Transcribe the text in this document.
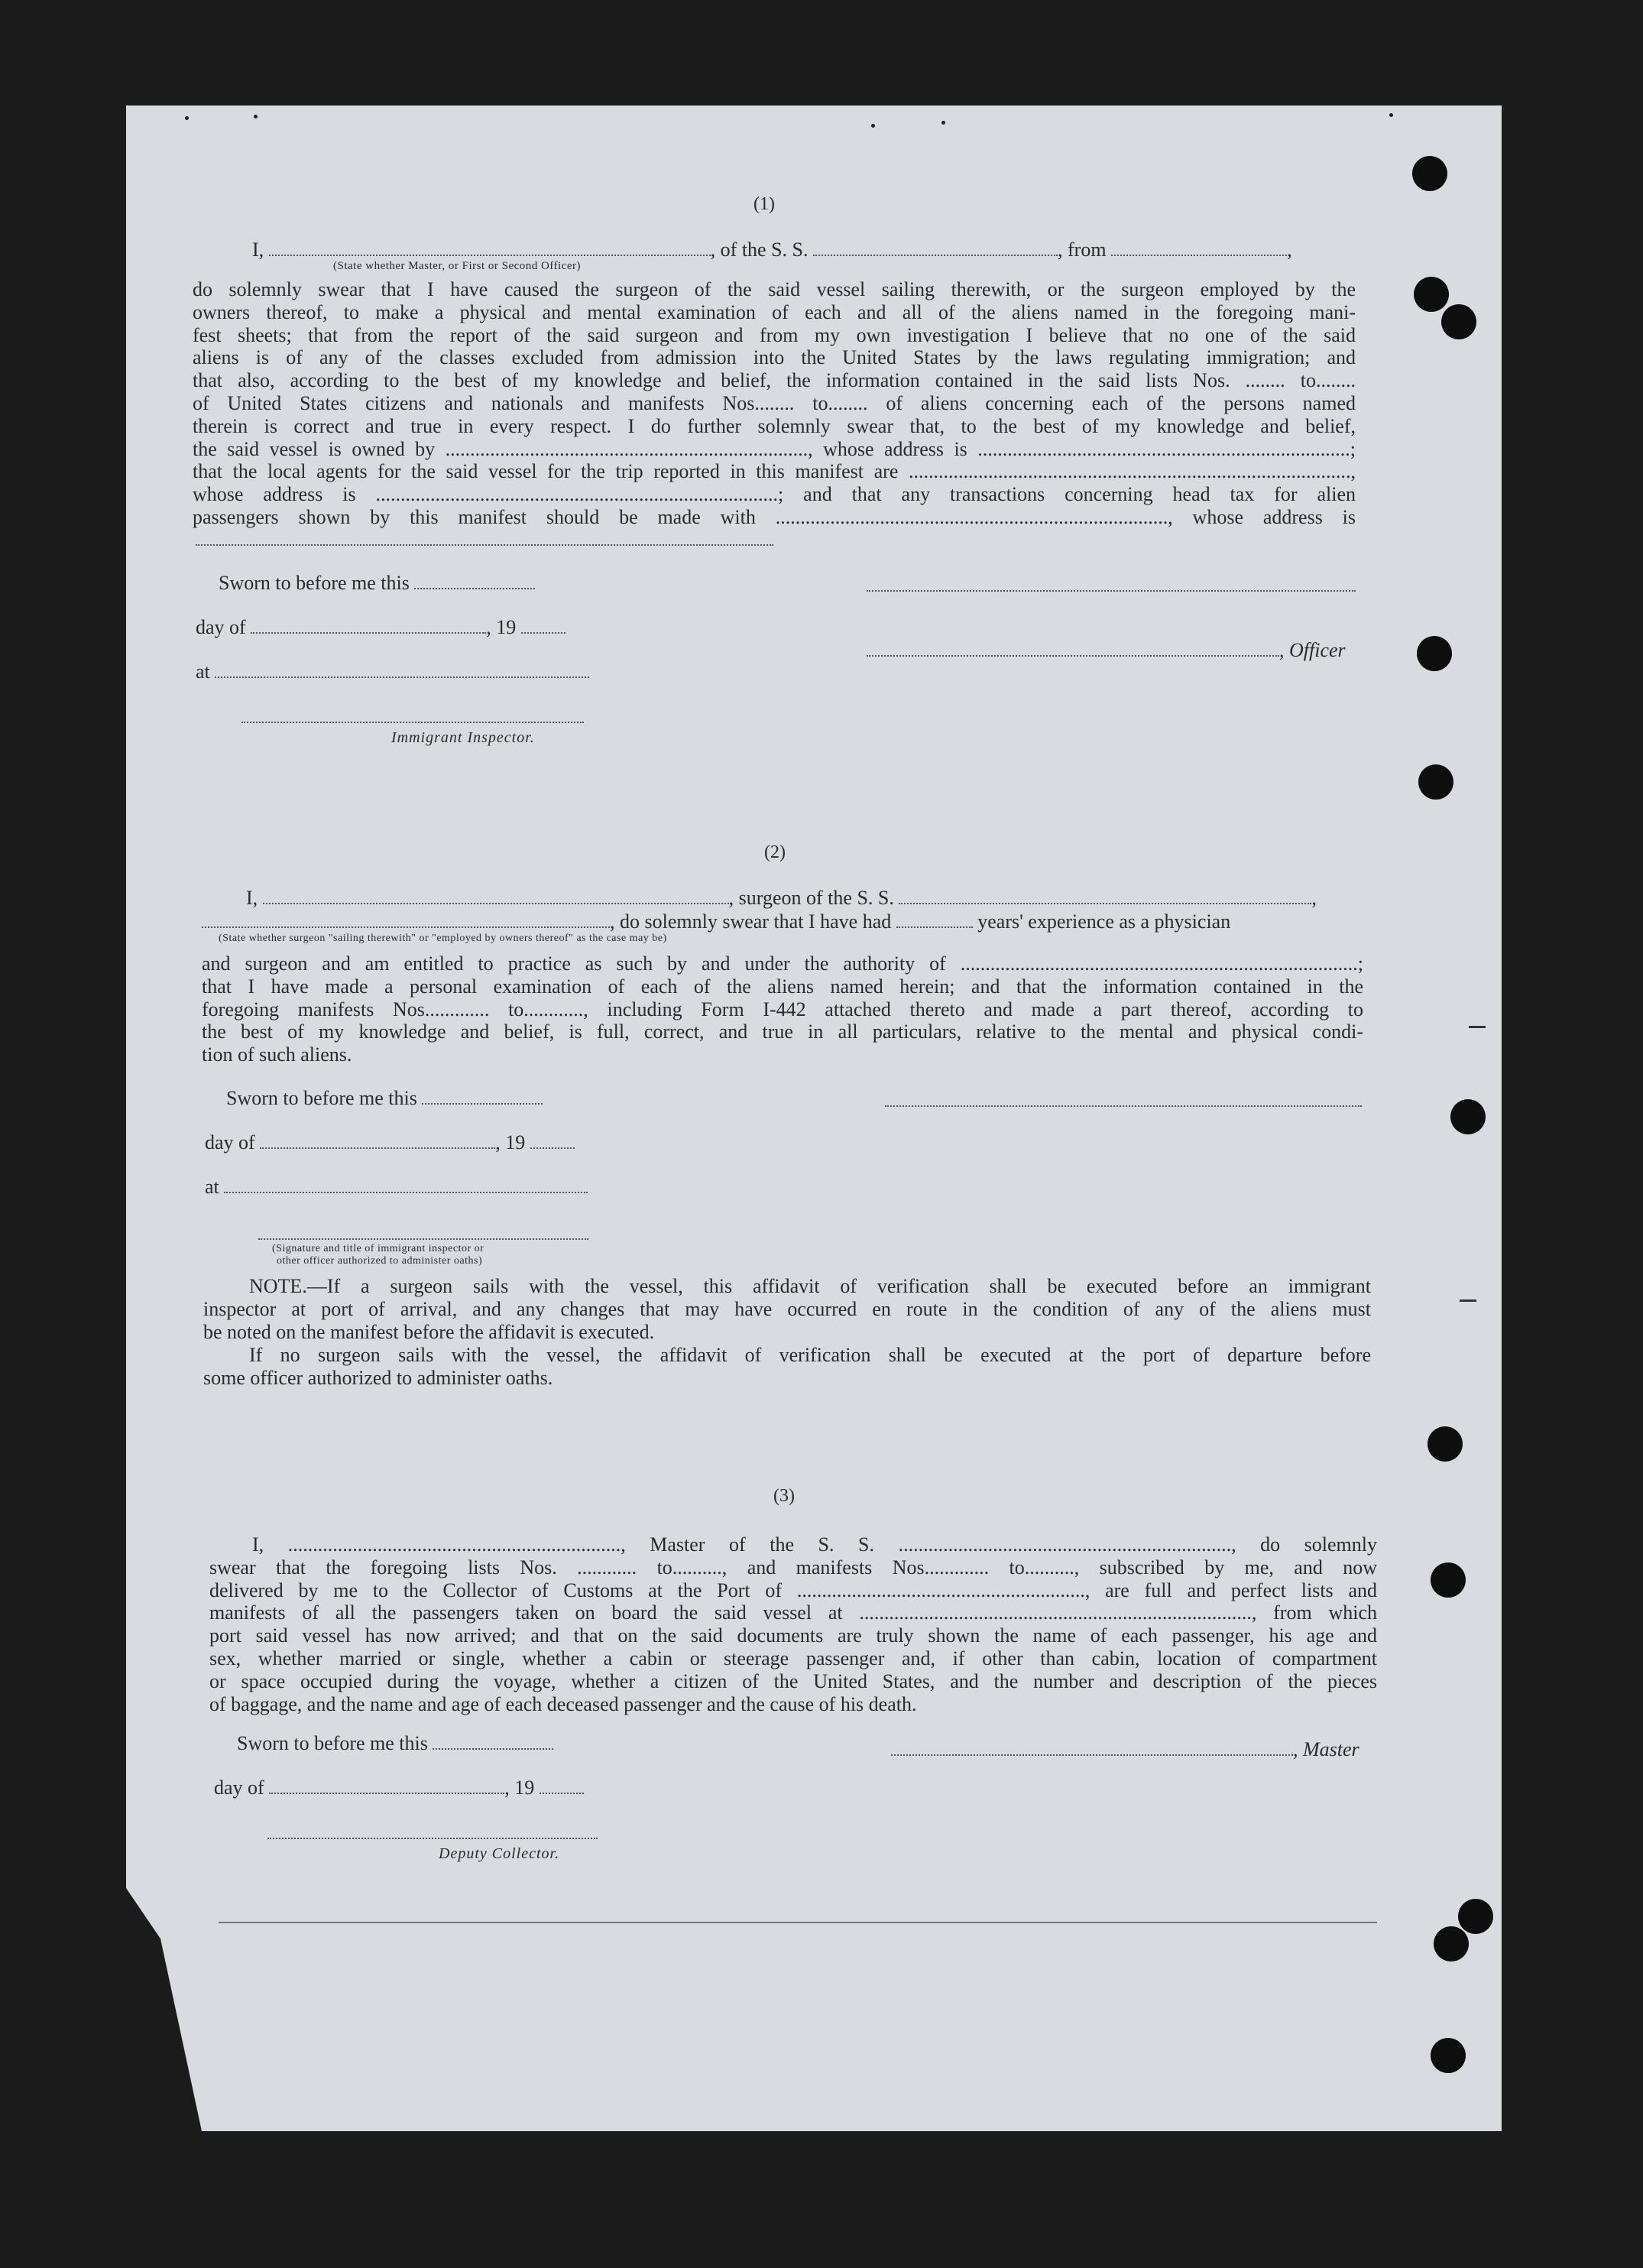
(1)
I,	, of the S. S.	, from	,
(State whether Master, or First or Second Officer)
do solemnly swear that I have caused the surgeon of the said vessel sailing therewith, or the surgeon employed by the
owners thereof, to make a physical and mental examination of each and all of the aliens named in the foregoing mani-
fest sheets; that from the report of the said surgeon and from my own investigation I believe that no one of the said
aliens is of any of the classes excluded from admission into the United States by the laws regulating immigration; and
that also, according to the best of my knowledge and belief, the information contained in the said lists Nos. ........ to........
of United States citizens and nationals and manifests Nos........ to........ of aliens concerning each of the persons named
therein is correct and true in every respect. I do further solemnly swear that, to the best of my knowledge and belief,
the said vessel is owned by ........................................................................., whose address is ...........................................................................;
that the local agents for the said vessel for the trip reported in this manifest are .........................................................................................,
whose address is .................................................................................; and that any transactions concerning head tax for alien
passengers shown by this manifest should be made with ..............................................................................., whose address is
Sworn to before me this
day of	, 19
, Officer
at
Immigrant Inspector.
(2)
I,	, surgeon of the S. S.	,
, do solemnly swear that I have had	years' experience as a physician
(State whether surgeon "sailing therewith" or "employed by owners thereof" as the case may be)
and surgeon and am entitled to practice as such by and under the authority of ................................................................................;
that I have made a personal examination of each of the aliens named herein; and that the information contained in the
foregoing manifests Nos............. to............, including Form I-442 attached thereto and made a part thereof, according to
the best of my knowledge and belief, is full, correct, and true in all particulars, relative to the mental and physical condi-
tion of such aliens.
Sworn to before me this
day of	, 19
at
(Signature and title of immigrant inspector or
other officer authorized to administer oaths)
NOTE.—If a surgeon sails with the vessel, this affidavit of verification shall be executed before an immigrant
inspector at port of arrival, and any changes that may have occurred en route in the condition of any of the aliens must
be noted on the manifest before the affidavit is executed.
If no surgeon sails with the vessel, the affidavit of verification shall be executed at the port of departure before
some officer authorized to administer oaths.
(3)
I, ..................................................................., Master of the S. S. ..................................................................., do solemnly
swear that the foregoing lists Nos. ............ to.........., and manifests Nos............. to.........., subscribed by me, and now
delivered by me to the Collector of Customs at the Port of .........................................................., are full and perfect lists and
manifests of all the passengers taken on board the said vessel at ..............................................................................., from which
port said vessel has now arrived; and that on the said documents are truly shown the name of each passenger, his age and
sex, whether married or single, whether a cabin or steerage passenger and, if other than cabin, location of compartment
or space occupied during the voyage, whether a citizen of the United States, and the number and description of the pieces
of baggage, and the name and age of each deceased passenger and the cause of his death.
Sworn to before me this	, Master
day of	, 19
Deputy Collector.
